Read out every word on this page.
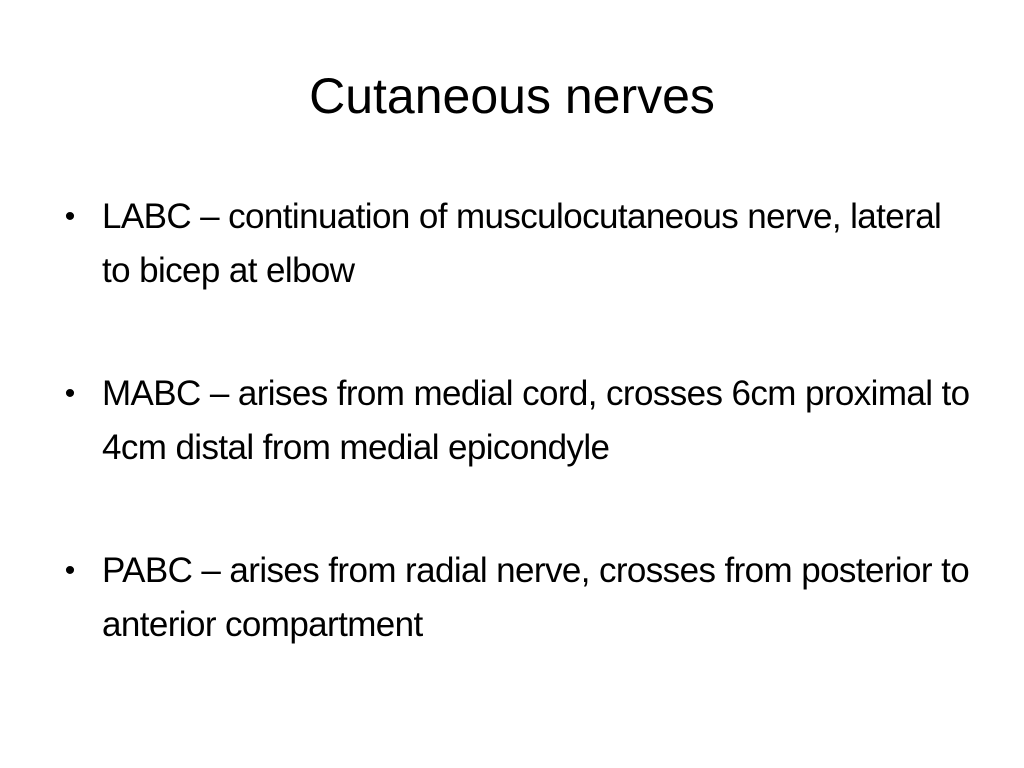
Cutaneous nerves
• LABC – continuation of musculocutaneous nerve, lateral to bicep at elbow
• MABC – arises from medial cord, crosses 6cm proximal to 4cm distal from medial epicondyle
• PABC – arises from radial nerve, crosses from posterior to anterior compartment
